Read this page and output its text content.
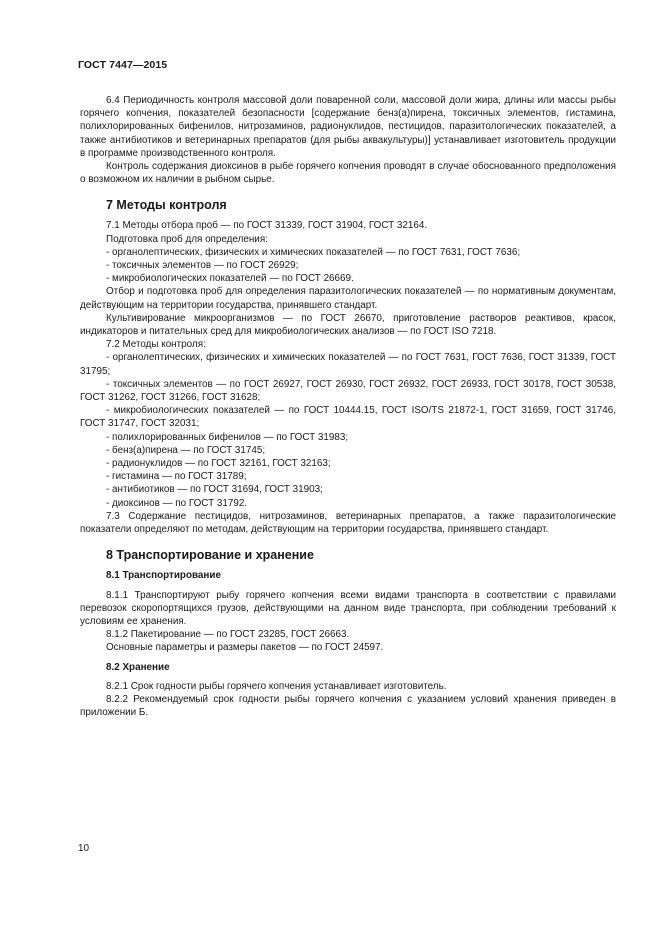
ГОСТ 7447—2015

6.4 Периодичность контроля массовой доли поваренной соли, массовой доли жира, длины или массы рыбы горячего копчения, показателей безопасности [содержание бенз(а)пирена, токсичных элементов, гистамина, полихлорированных бифенилов, нитрозаминов, радионуклидов, пестицидов, паразитологических показателей, а также антибиотиков и ветеринарных препаратов (для рыбы аквакультуры)] устанавливает изготовитель продукции в программе производственного контроля.

Контроль содержания диоксинов в рыбе горячего копчения проводят в случае обоснованного предположения о возможном их наличии в рыбном сырье.

7 Методы контроля

7.1 Методы отбора проб — по ГОСТ 31339, ГОСТ 31904, ГОСТ 32164.

Подготовка проб для определения:

- органолептических, физических и химических показателей — по ГОСТ 7631, ГОСТ 7636;

- токсичных элементов — по ГОСТ 26929;

- микробиологических показателей — по ГОСТ 26669.

Отбор и подготовка проб для определения паразитологических показателей — по нормативным документам, действующим на территории государства, принявшего стандарт.

Культивирование микроорганизмов — по ГОСТ 26670, приготовление растворов реактивов, красок, индикаторов и питательных сред для микробиологических анализов — по ГОСТ ISO 7218.

7.2 Методы контроля:

- органолептических, физических и химических показателей — по ГОСТ 7631, ГОСТ 7636, ГОСТ 31339, ГОСТ 31795;

- токсичных элементов — по ГОСТ 26927, ГОСТ 26930, ГОСТ 26932, ГОСТ 26933, ГОСТ 30178, ГОСТ 30538, ГОСТ 31262, ГОСТ 31266, ГОСТ 31628;

- микробиологических показателей — по ГОСТ 10444.15, ГОСТ ISO/TS 21872-1, ГОСТ 31659, ГОСТ 31746, ГОСТ 31747, ГОСТ 32031;

- полихлорированных бифенилов — по ГОСТ 31983;

- бенз(а)пирена — по ГОСТ 31745;

- радионуклидов — по ГОСТ 32161, ГОСТ 32163;

- гистамина — по ГОСТ 31789;

- антибиотиков — по ГОСТ 31694, ГОСТ 31903;

- диоксинов — по ГОСТ 31792.

7.3 Содержание пестицидов, нитрозаминов, ветеринарных препаратов, а также паразитологические показатели определяют по методам, действующим на территории государства, принявшего стандарт.

8 Транспортирование и хранение
8.1 Транспортирование

8.1.1 Транспортируют рыбу горячего копчения всеми видами транспорта в соответствии с правилами перевозок скоропортящихся грузов, действующими на данном виде транспорта, при соблюдении требований к условиям ее хранения.

8.1.2 Пакетирование — по ГОСТ 23285, ГОСТ 26663.

Основные параметры и размеры пакетов — по ГОСТ 24597.

8.2 Хранение

8.2.1 Срок годности рыбы горячего копчения устанавливает изготовитель.

8.2.2 Рекомендуемый срок годности рыбы горячего копчения с указанием условий хранения приведен в приложении Б.

10
